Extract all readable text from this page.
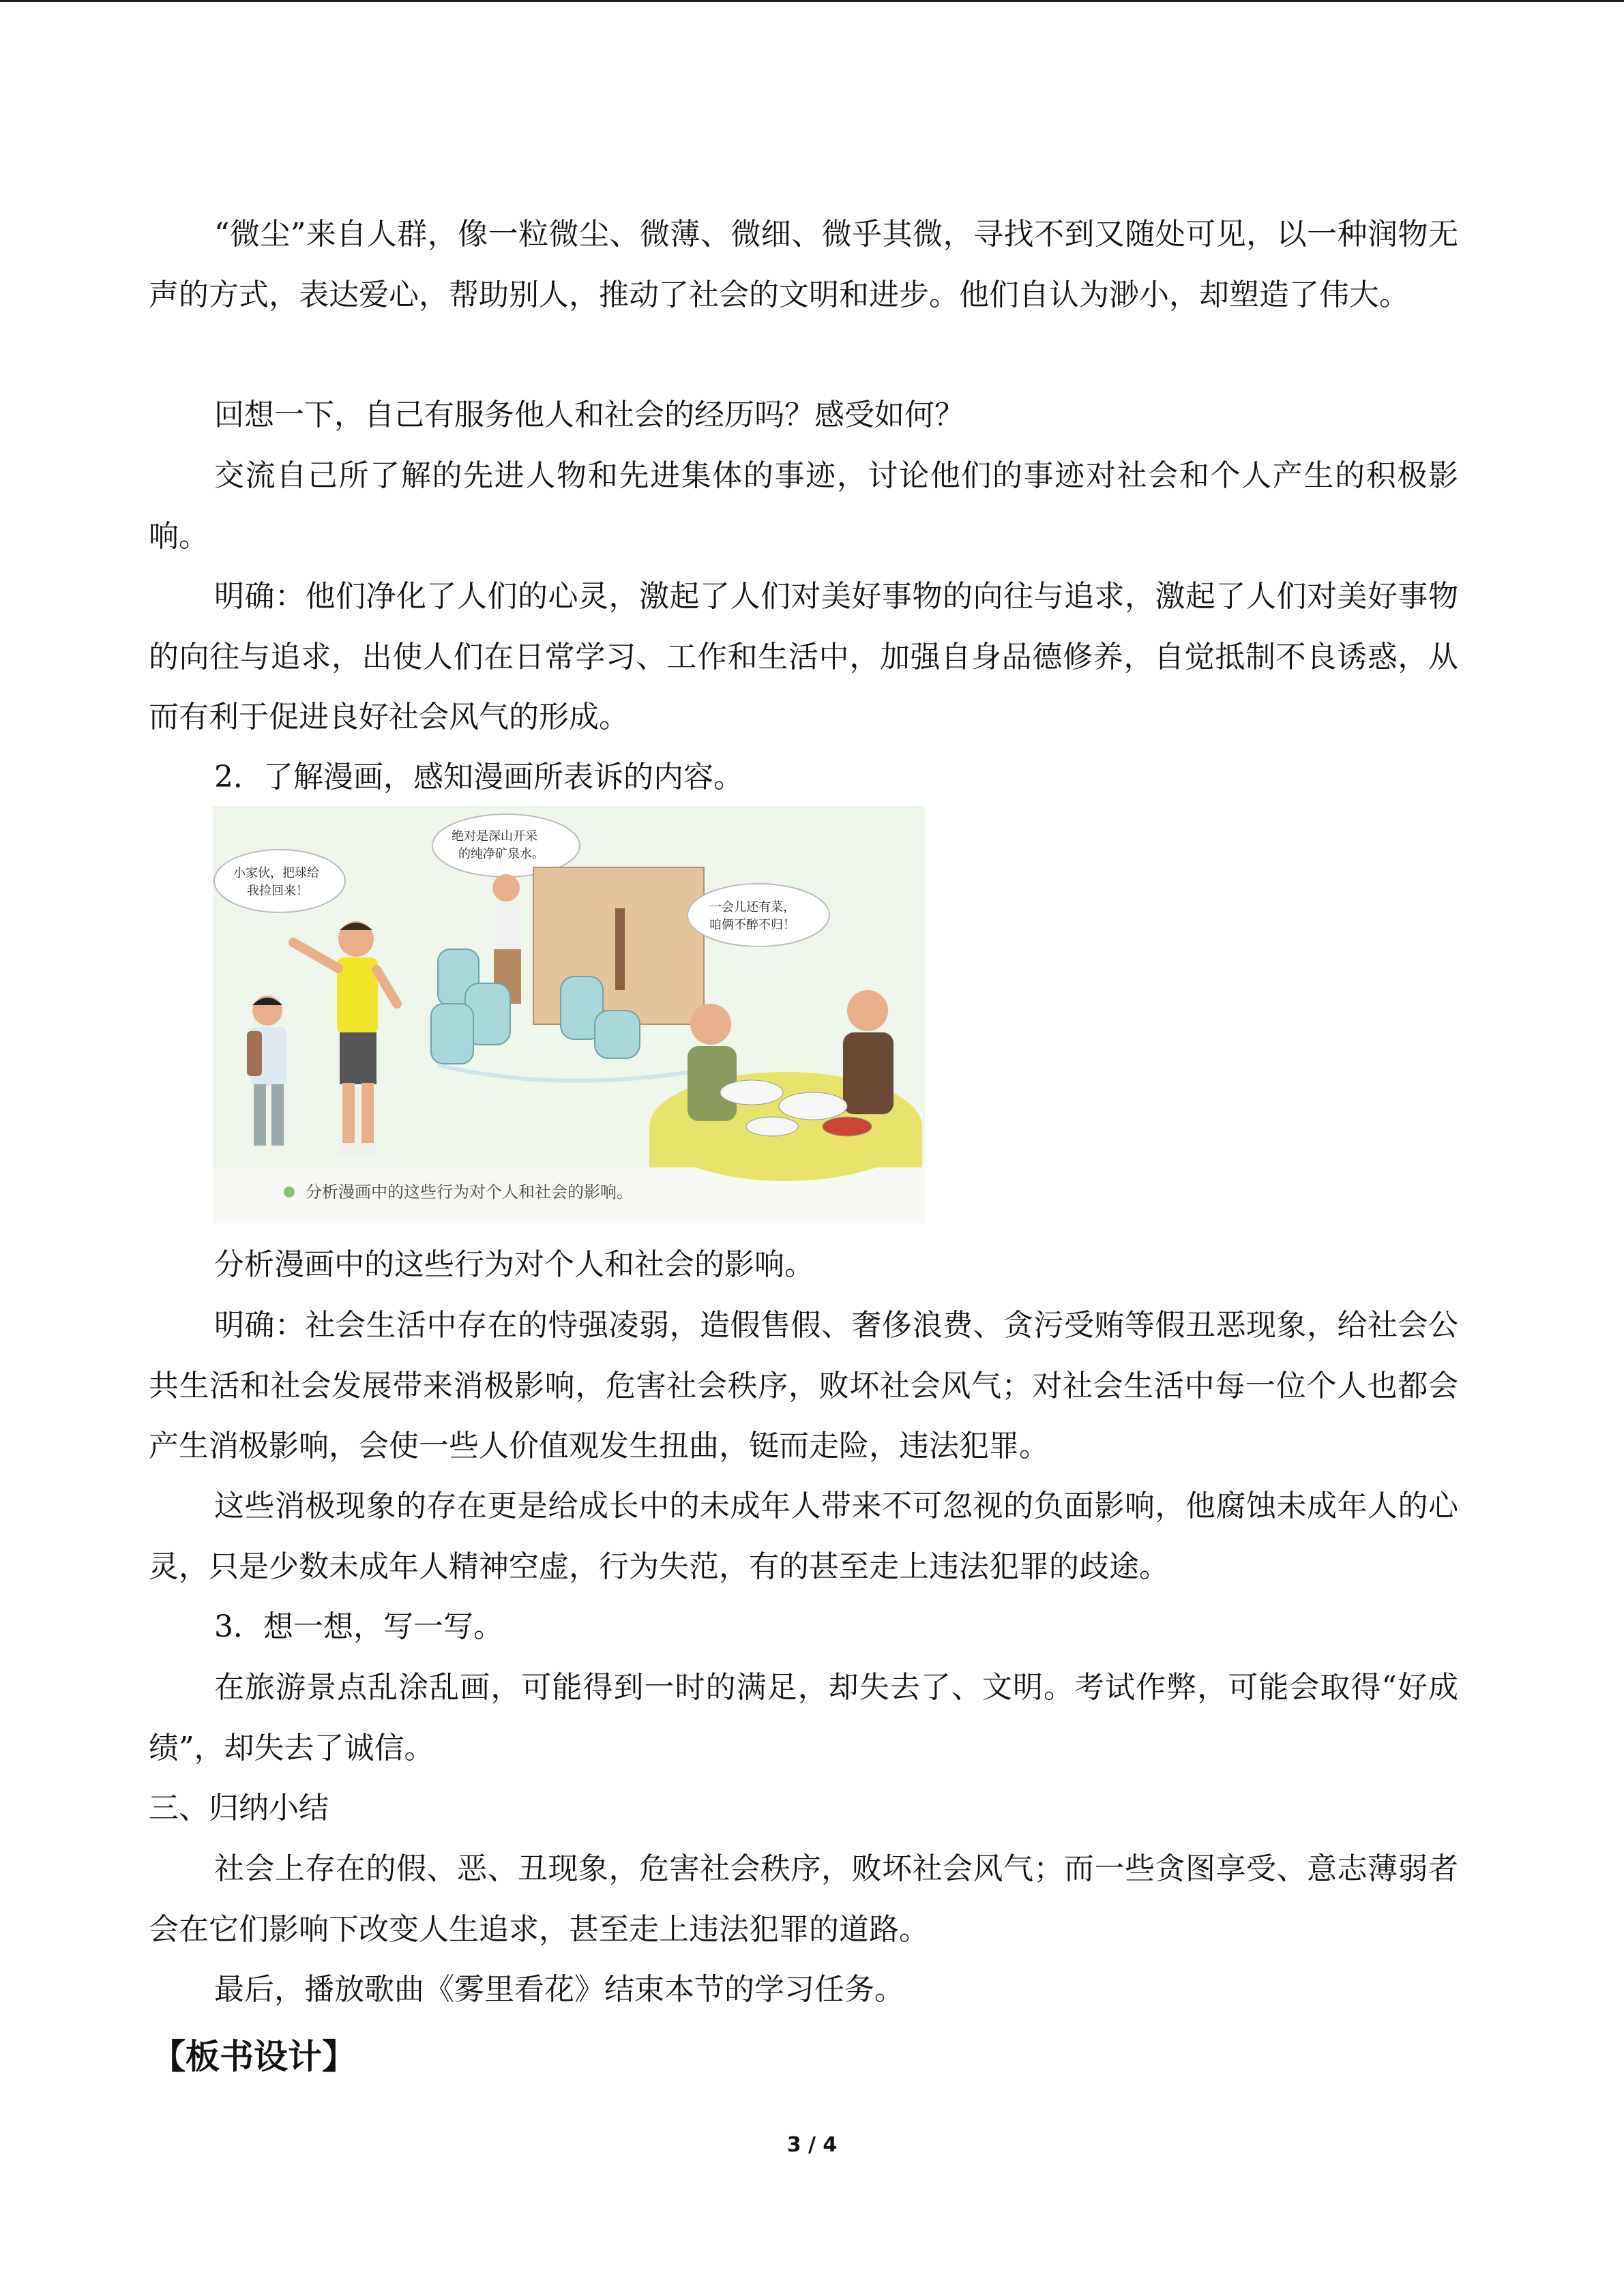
“微尘”来自人群，像一粒微尘、微薄、微细、微乎其微，寻找不到又随处可见，以一种润物无声的方式，表达爱心，帮助别人，推动了社会的文明和进步。他们自认为渺小，却塑造了伟大。

回想一下，自己有服务他人和社会的经历吗？感受如何？

交流自己所了解的先进人物和先进集体的事迹，讨论他们的事迹对社会和个人产生的积极影响。

明确：他们净化了人们的心灵，激起了人们对美好事物的向往与追求，激起了人们对美好事物的向往与追求，出使人们在日常学习、工作和生活中，加强自身品德修养，自觉抵制不良诱惑，从而有利于促进良好社会风气的形成。

2．了解漫画，感知漫画所表诉的内容。

小家伙，把球给
我捡回来！
绝对是深山开采
的纯净矿泉水。
一会儿还有菜，
咱俩不醉不归！
分析漫画中的这些行为对个人和社会的影响。

分析漫画中的这些行为对个人和社会的影响。

明确：社会生活中存在的恃强凌弱，造假售假、奢侈浪费、贪污受贿等假丑恶现象，给社会公共生活和社会发展带来消极影响，危害社会秩序，败坏社会风气；对社会生活中每一位个人也都会产生消极影响，会使一些人价值观发生扭曲，铤而走险，违法犯罪。

这些消极现象的存在更是给成长中的未成年人带来不可忽视的负面影响，他腐蚀未成年人的心灵，只是少数未成年人精神空虚，行为失范，有的甚至走上违法犯罪的歧途。

3．想一想，写一写。

在旅游景点乱涂乱画，可能得到一时的满足，却失去了、文明。考试作弊，可能会取得“好成绩”，却失去了诚信。

三、归纳小结

社会上存在的假、恶、丑现象，危害社会秩序，败坏社会风气；而一些贪图享受、意志薄弱者会在它们影响下改变人生追求，甚至走上违法犯罪的道路。

最后，播放歌曲《雾里看花》结束本节的学习任务。

【板书设计】

3 / 4
